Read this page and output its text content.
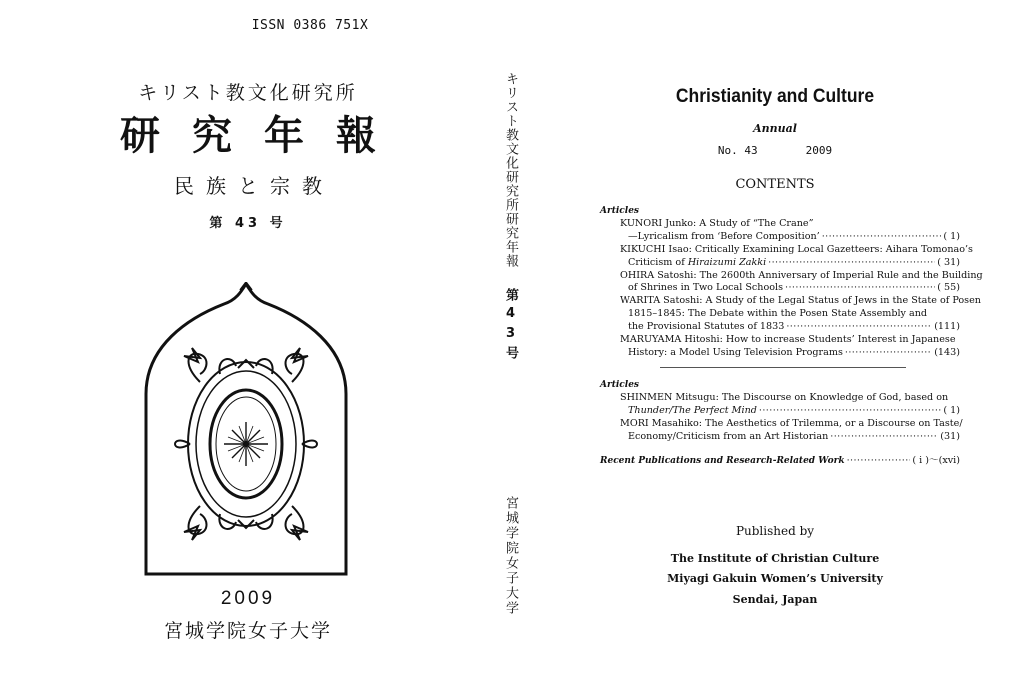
ISSN 0386 751X
キリスト教文化研究所
研究年報
民族と宗教
第 43 号
2009
宮城学院女子大学
キリスト教文化研究所研究年報
第43号
宮城学院女子大学
Christianity and Culture
Annual
No. 43	2009
CONTENTS
Articles
KUNORI Junko: A Study of “The Crane”
—Lyricalism from ‘Before Composition’ ·····	( 1)
KIKUCHI Isao: Critically Examining Local Gazetteers: Aihara Tomonao’s
Criticism of Hiraizumi Zakki ·····	( 31)
OHIRA Satoshi: The 2600th Anniversary of Imperial Rule and the Building
of Shrines in Two Local Schools ·····	( 55)
WARITA Satoshi: A Study of the Legal Status of Jews in the State of Posen
1815–1845: The Debate within the Posen State Assembly and
the Provisional Statutes of 1833 ·····	(111)
MARUYAMA Hitoshi: How to increase Students’ Interest in Japanese
History: a Model Using Television Programs ·····	(143)
Articles
SHINMEN Mitsugu: The Discourse on Knowledge of God, based on
Thunder/The Perfect Mind ·····	( 1)
MORI Masahiko: The Aesthetics of Trilemma, or a Discourse on Taste/
Economy/Criticism from an Art Historian ·····	(31)
Recent Publications and Research-Related Work ·····	( i )〜(xvi)
Published by
The Institute of Christian Culture
Miyagi Gakuin Women’s University
Sendai, Japan
